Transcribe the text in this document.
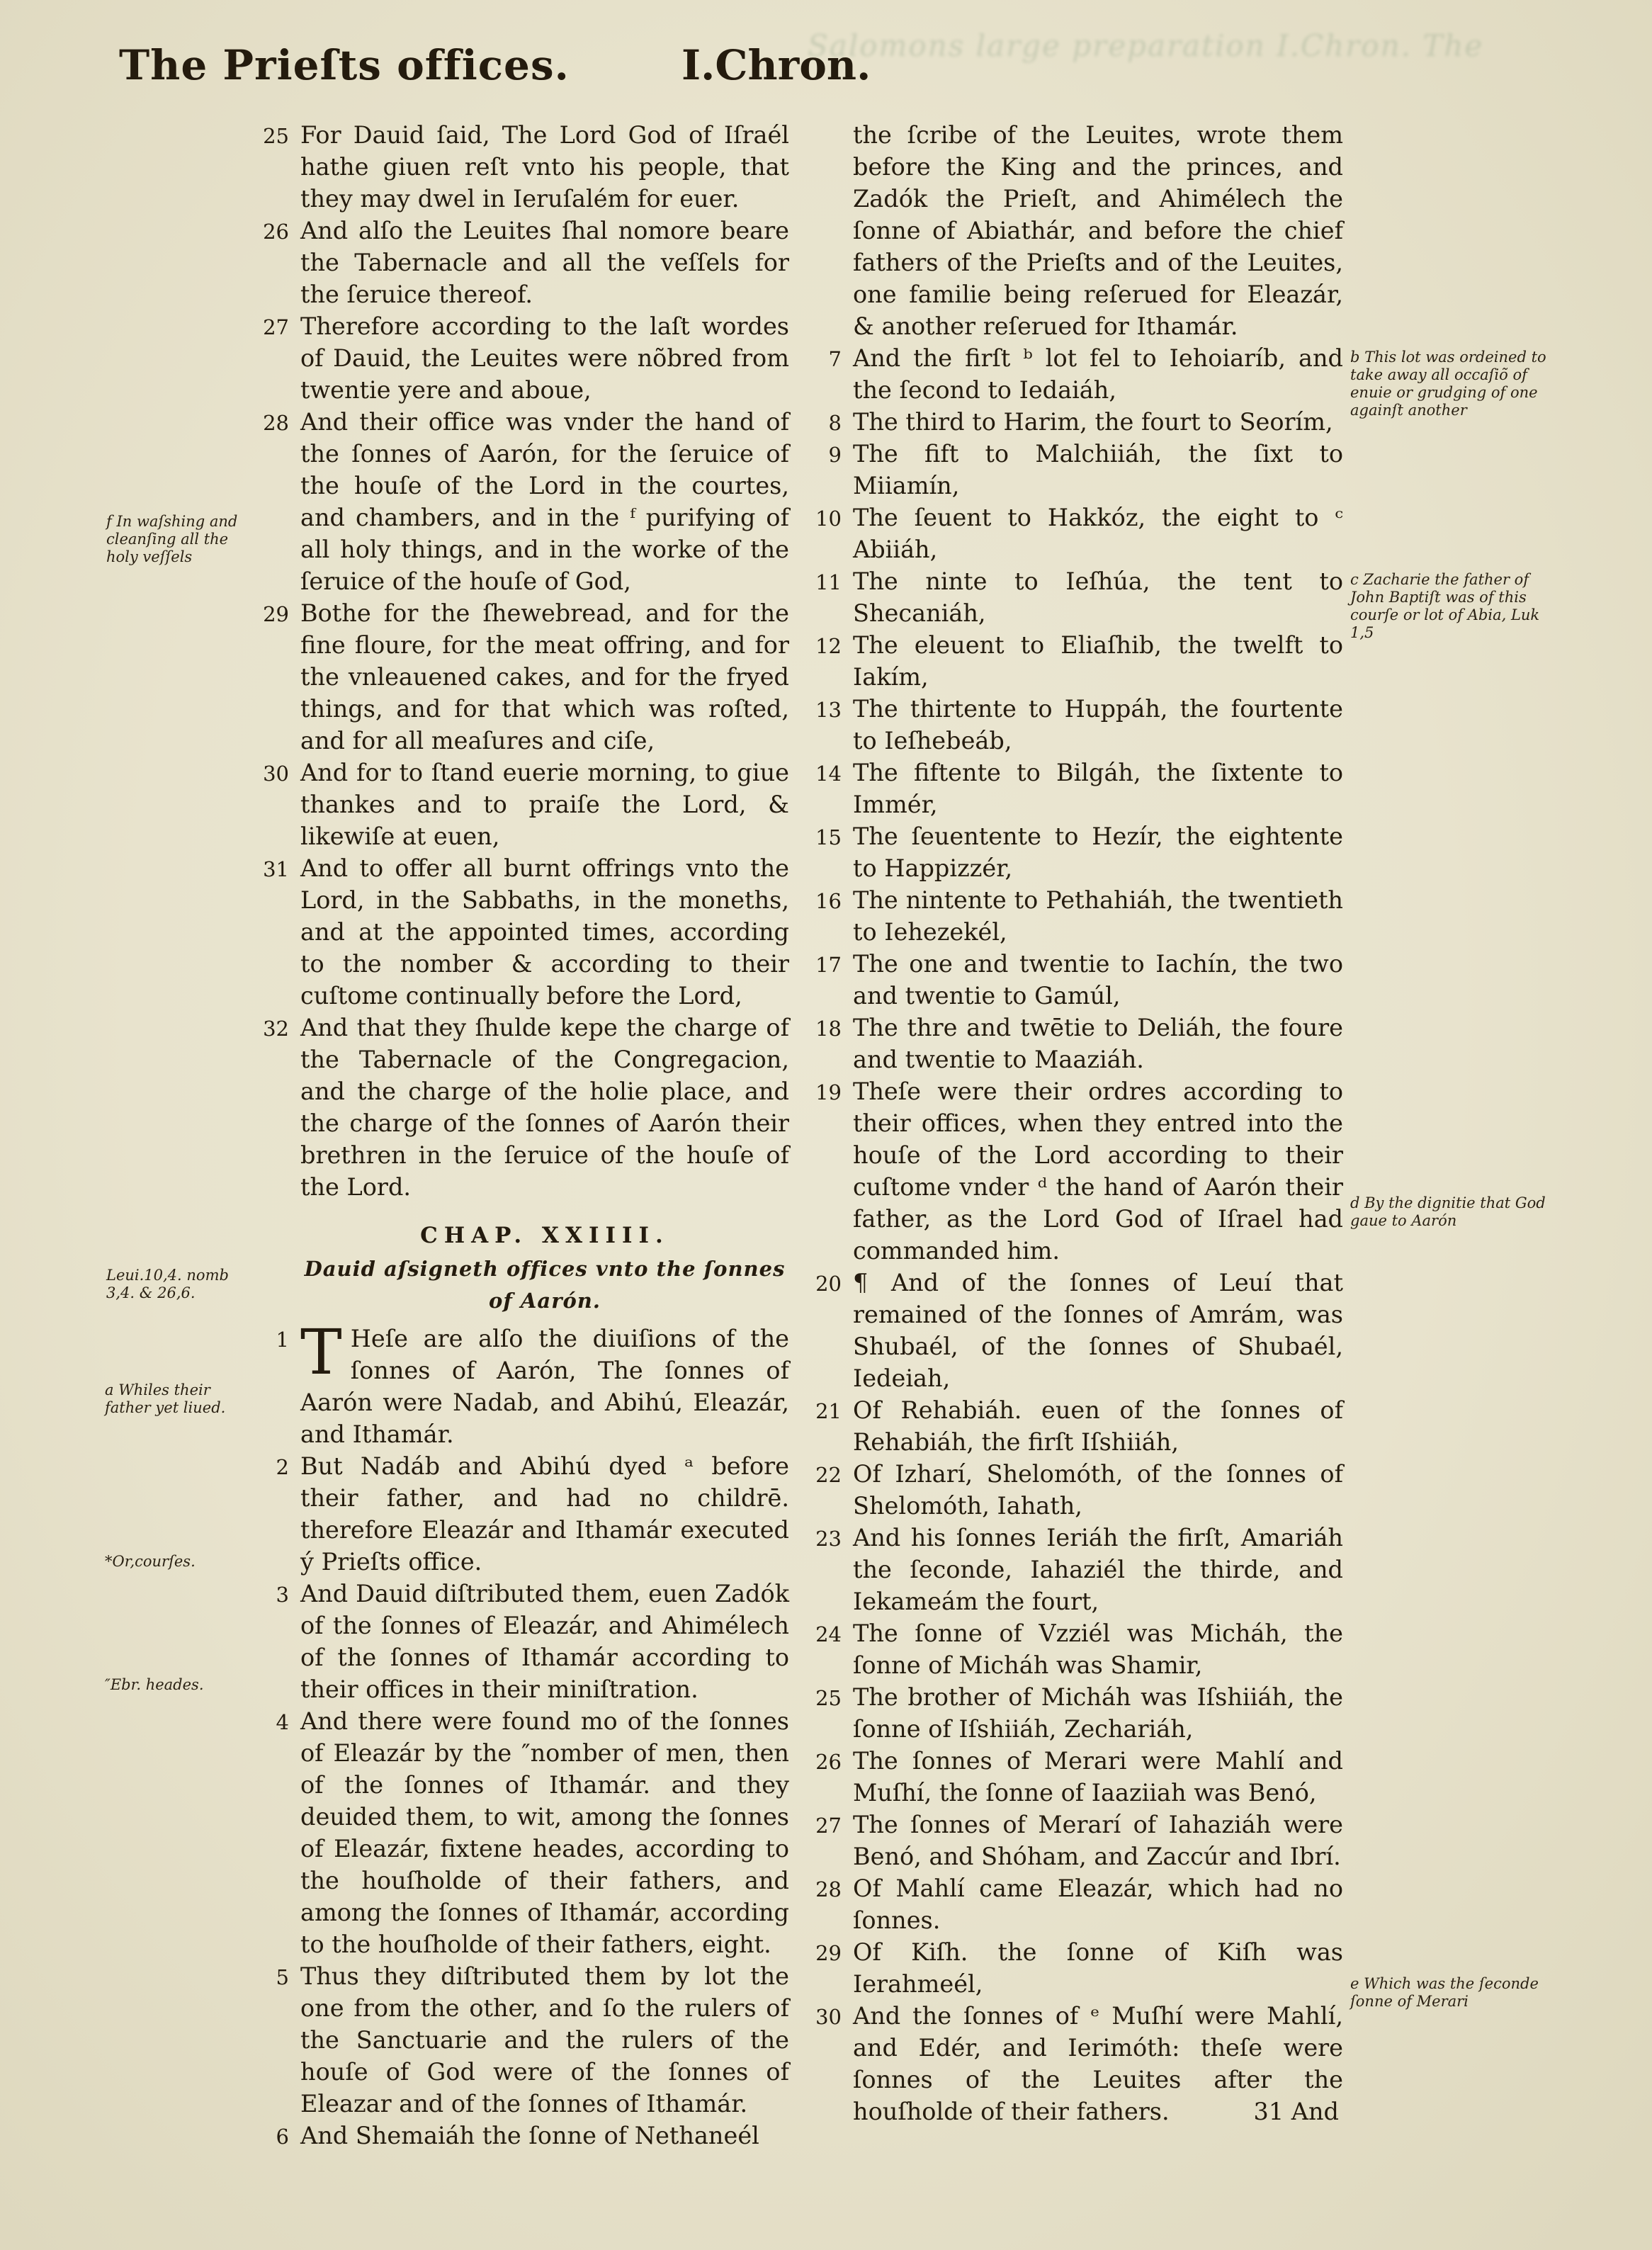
Salomons large preparation I.Chron. The
The Prieſts offices.	I.Chron.
f In waſshing and cleanſing all the holy veſſels
Leui.10,4. nomb 3,4. & 26,6.
a Whiles their father yet liued.
*Or,courſes.
″Ebr. heades.

25 For Dauid ſaid, The Lord God of Iſraél hathe giuen reſt vnto his people, that they may dwel in Ieruſalém for euer.

26 And alſo the Leuites ſhal nomore beare the Tabernacle and all the veſſels for the ſeruice thereof.

27 Therefore according to the laſt wordes of Dauid, the Leuites were nõbred from twentie yere and aboue,

28 And their office was vnder the hand of the ſonnes of Aarón, for the ſeruice of the houſe of the Lord in the courtes, and chambers, and in the ᶠ purifying of all holy things, and in the worke of the ſeruice of the houſe of God,

29 Bothe for the ſhewebread, and for the fine floure, for the meat offring, and for the vnleauened cakes, and for the fryed things, and for that which was roſted, and for all meaſures and ciſe,

30 And for to ſtand euerie morning, to giue thankes and to praiſe the Lord, & likewiſe at euen,

31 And to offer all burnt offrings vnto the Lord, in the Sabbaths, in the moneths, and at the appointed times, according to the nomber & according to their cuſtome continually before the Lord,

32 And that they ſhulde kepe the charge of the Tabernacle of the Congregacion, and the charge of the holie place, and the charge of the ſonnes of Aarón their brethren in the ſeruice of the houſe of the Lord.

CHAP. XXIIII.

Dauid aſsigneth offices vnto the ſonnes of Aarón.

1 T Heſe are alſo the diuiſions of the ſonnes of Aarón, The ſonnes of Aarón were Nadab, and Abihú, Eleazár, and Ithamár.

2 But Nadáb and Abihú dyed ᵃ before their father, and had no childrē. therefore Eleazár and Ithamár executed ý Prieſts office.

3 And Dauid diſtributed them, euen Zadók of the ſonnes of Eleazár, and Ahimélech of the ſonnes of Ithamár according to their offices in their miniſtration.

4 And there were found mo of the ſonnes of Eleazár by the ″nomber of men, then of the ſonnes of Ithamár. and they deuided them, to wit, among the ſonnes of Eleazár, fixtene heades, according to the houſholde of their fathers, and among the ſonnes of Ithamár, according to the houſholde of their fathers, eight.

5 Thus they diſtributed them by lot the one from the other, and ſo the rulers of the Sanctuarie and the rulers of the houſe of God were of the ſonnes of Eleazar and of the ſonnes of Ithamár.

6 And Shemaiáh the ſonne of Nethaneél

the ſcribe of the Leuites, wrote them before the King and the princes, and Zadók the Prieſt, and Ahimélech the ſonne of Abiathár, and before the chief fathers of the Prieſts and of the Leuites, one familie being reſerued for Eleazár, & another reſerued for Ithamár.

7 And the firſt ᵇ lot fel to Iehoiaríb, and the ſecond to Iedaiáh,

8 The third to Harim, the fourt to Seorím,

9 The fift to Malchiiáh, the ſixt to Miiamín,

10 The ſeuent to Hakkóz, the eight to ᶜ Abiiáh,

11 The ninte to Ieſhúa, the tent to Shecaniáh,

12 The eleuent to Eliaſhib, the twelft to Iakím,

13 The thirtente to Huppáh, the fourtente to Ieſhebeáb,

14 The fiftente to Bilgáh, the ſixtente to Immér,

15 The ſeuentente to Hezír, the eightente to Happizzér,

16 The nintente to Pethahiáh, the twentieth to Iehezekél,

17 The one and twentie to Iachín, the two and twentie to Gamúl,

18 The thre and twētie to Deliáh, the foure and twentie to Maaziáh.

19 Theſe were their ordres according to their offices, when they entred into the houſe of the Lord according to their cuſtome vnder ᵈ the hand of Aarón their father, as the Lord God of Iſrael had commanded him.

20 ¶ And of the ſonnes of Leuí that remained of the ſonnes of Amrám, was Shubaél, of the ſonnes of Shubaél, Iedeiah,

21 Of Rehabiáh. euen of the ſonnes of Rehabiáh, the firſt Iſshiiáh,

22 Of Izharí, Shelomóth, of the ſonnes of Shelomóth, Iahath,

23 And his ſonnes Ieriáh the firſt, Amariáh the ſeconde, Iahaziél the thirde, and Iekameám the fourt,

24 The ſonne of Vzziél was Micháh, the ſonne of Micháh was Shamir,

25 The brother of Micháh was Iſshiiáh, the ſonne of Iſshiiáh, Zechariáh,

26 The ſonnes of Merari were Mahlí and Muſhí, the ſonne of Iaaziiah was Benó,

27 The ſonnes of Merarí of Iahaziáh were Benó, and Shóham, and Zaccúr and Ibrí.

28 Of Mahlí came Eleazár, which had no ſonnes.

29 Of Kiſh. the ſonne of Kiſh was Ierahmeél,

30 And the ſonnes of ᵉ Muſhí were Mahlí, and Edér, and Ierimóth: theſe were ſonnes of the Leuites after the houſholde of their fathers.	31 And
b This lot was ordeined to take away all occaſiõ of enuie or grudging of one againſt another
c Zacharie the father of John Baptiſt was of this courſe or lot of Abia, Luk 1,5
d By the dignitie that God gaue to Aarón
e Which was the ſeconde ſonne of Merari
